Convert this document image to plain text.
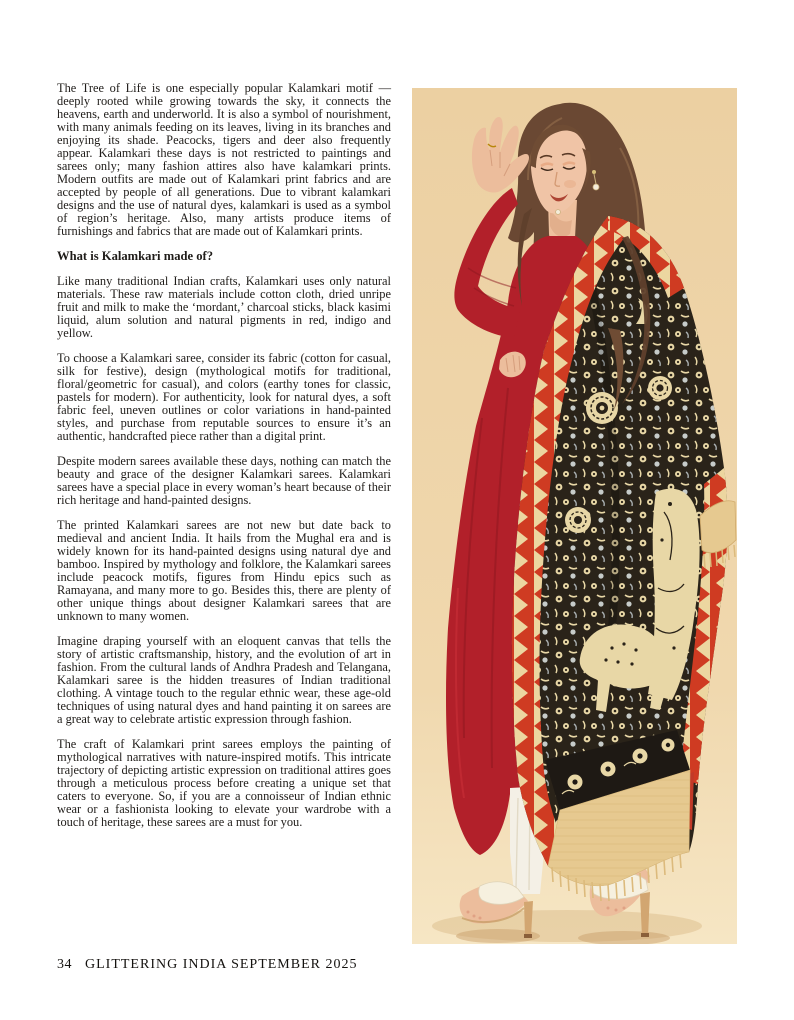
The Tree of Life is one especially popular Kalamkari motif — deeply rooted while growing towards the sky, it connects the heavens, earth and underworld. It is also a symbol of nourishment, with many animals feeding on its leaves, living in its branches and enjoying its shade. Peacocks, tigers and deer also frequently appear. Kalamkari these days is not restricted to paintings and sarees only; many fashion attires also have kalamkari prints. Modern outfits are made out of Kalamkari print fabrics and are accepted by people of all generations. Due to vibrant kalamkari designs and the use of natural dyes, kalamkari is used as a symbol of region’s heritage. Also, many artists produce items of furnishings and fabrics that are made out of Kalamkari prints.

What is Kalamkari made of?

Like many traditional Indian crafts, Kalamkari uses only natural materials. These raw materials include cotton cloth, dried unripe fruit and milk to make the ‘mordant,’ charcoal sticks, black kasimi liquid, alum solution and natural pigments in red, indigo and yellow.

To choose a Kalamkari saree, consider its fabric (cotton for casual, silk for festive), design (mythological motifs for traditional, floral/geometric for casual), and colors (earthy tones for classic, pastels for modern). For authenticity, look for natural dyes, a soft fabric feel, uneven outlines or color variations in hand-painted styles, and purchase from reputable sources to ensure it’s an authentic, handcrafted piece rather than a digital print.

Despite modern sarees available these days, nothing can match the beauty and grace of the designer Kalamkari sarees. Kalamkari sarees have a special place in every woman’s heart because of their rich heritage and hand-painted designs.

The printed Kalamkari sarees are not new but date back to medieval and ancient India. It hails from the Mughal era and is widely known for its hand-painted designs using natural dye and bamboo. Inspired by mythology and folklore, the Kalamkari sarees include peacock motifs, figures from Hindu epics such as Ramayana, and many more to go. Besides this, there are plenty of other unique things about designer Kalamkari sarees that are unknown to many women.

Imagine draping yourself with an eloquent canvas that tells the story of artistic craftsmanship, history, and the evolution of art in fashion. From the cultural lands of Andhra Pradesh and Telangana, Kalamkari saree is the hidden treasures of Indian traditional clothing. A vintage touch to the regular ethnic wear, these age-old techniques of using natural dyes and hand painting it on sarees are a great way to celebrate artistic expression through fashion.

The craft of Kalamkari print sarees employs the painting of mythological narratives with nature-inspired motifs. This intricate trajectory of depicting artistic expression on traditional attires goes through a meticulous process before creating a unique set that caters to everyone. So, if you are a connoisseur of Indian ethnic wear or a fashionista looking to elevate your wardrobe with a touch of heritage, these sarees are a must for you.

34 GLITTERING INDIA SEPTEMBER 2025
